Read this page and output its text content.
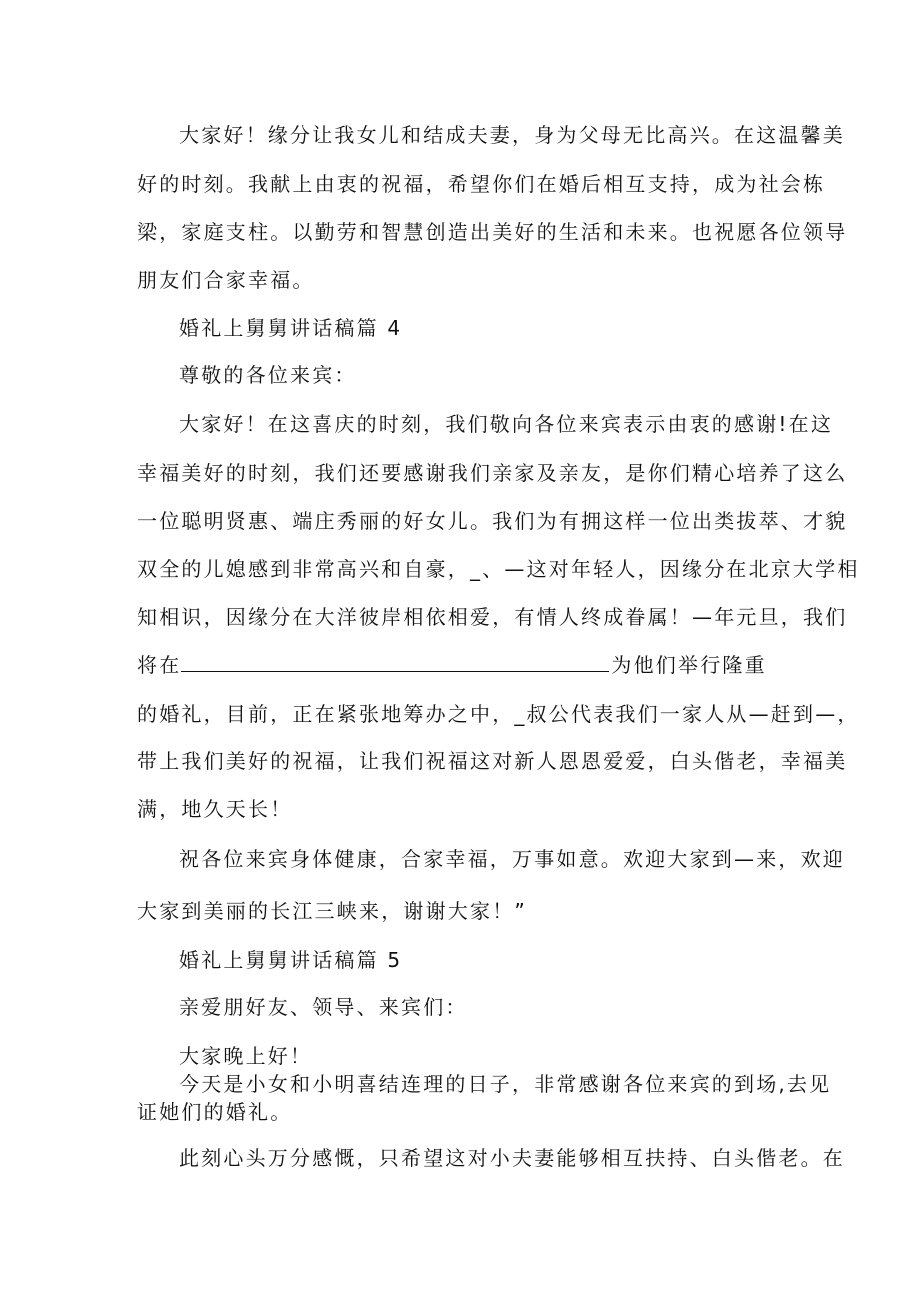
大家好！缘分让我女儿和结成夫妻，身为父母无比高兴。在这温馨美
好的时刻。我献上由衷的祝福，希望你们在婚后相互支持，成为社会栋
梁，家庭支柱。以勤劳和智慧创造出美好的生活和未来。也祝愿各位领导
朋友们合家幸福。
婚礼上舅舅讲话稿篇 4
尊敬的各位来宾：
大家好！在这喜庆的时刻，我们敬向各位来宾表示由衷的感谢!在这
幸福美好的时刻，我们还要感谢我们亲家及亲友，是你们精心培养了这么
一位聪明贤惠、端庄秀丽的好女儿。我们为有拥这样一位出类拔萃、才貌
双全的儿媳感到非常高兴和自豪，_、—这对年轻人，因缘分在北京大学相
知相识，因缘分在大洋彼岸相依相爱，有情人终成眷属！—年元旦，我们
将在	为他们举行隆重
的婚礼，目前，正在紧张地筹办之中，_叔公代表我们一家人从—赶到—，
带上我们美好的祝福，让我们祝福这对新人恩恩爱爱，白头偕老，幸福美
满，地久天长！
祝各位来宾身体健康，合家幸福，万事如意。欢迎大家到—来，欢迎
大家到美丽的长江三峡来，谢谢大家！”
婚礼上舅舅讲话稿篇 5
亲爱朋好友、领导、来宾们：
大家晚上好！
今天是小女和小明喜结连理的日子，非常感谢各位来宾的到场,去见
证她们的婚礼。
此刻心头万分感慨，只希望这对小夫妻能够相互扶持、白头偕老。在
